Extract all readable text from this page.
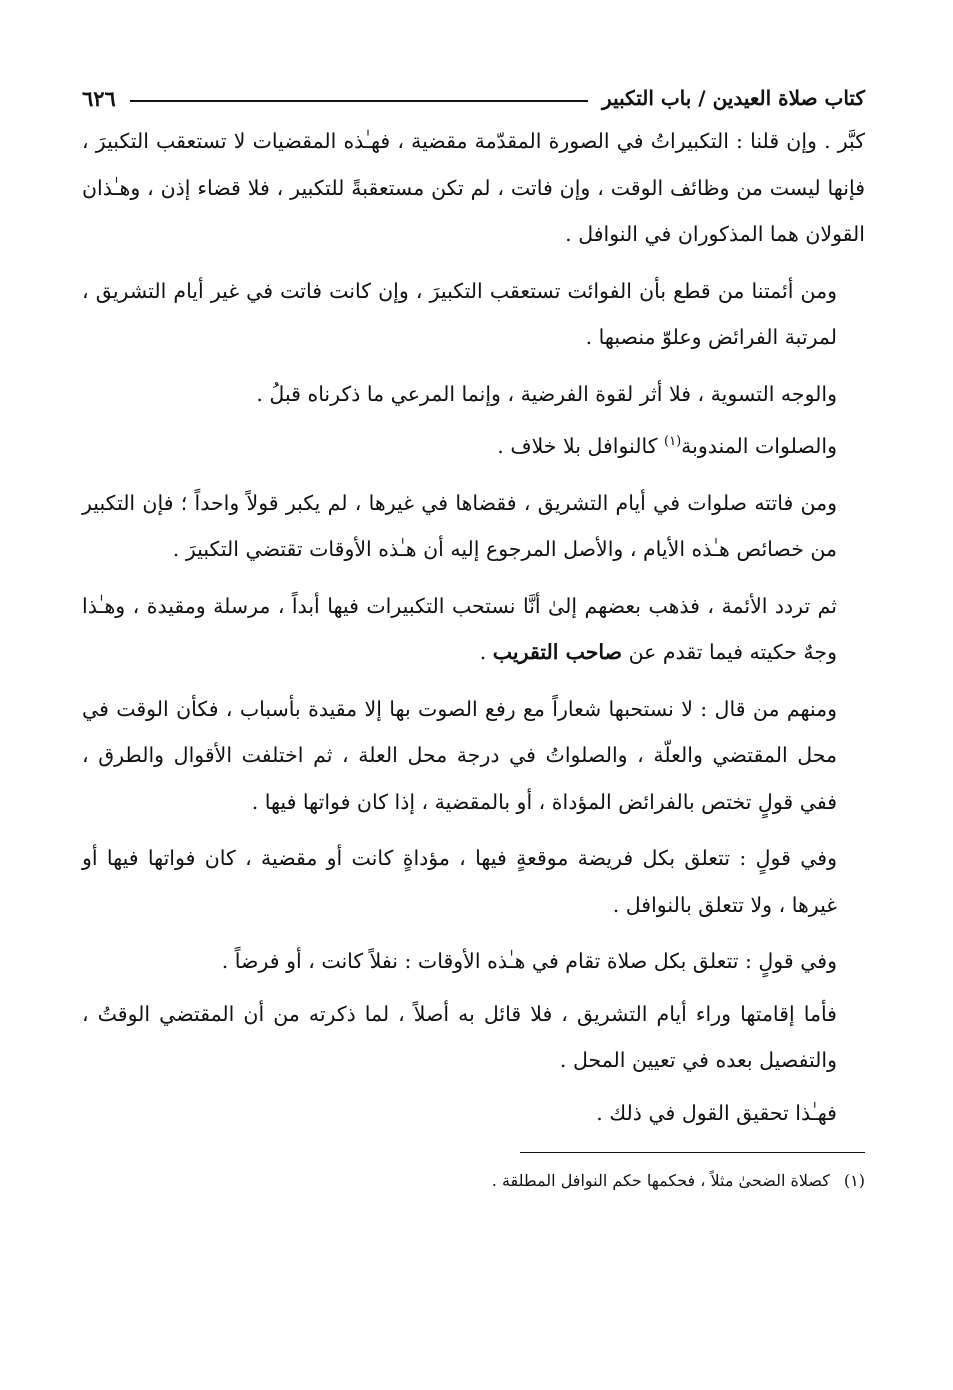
كتاب صلاة العيدين / باب التكبير
٦٢٦

كبَّر . وإن قلنا : التكبيراتُ في الصورة المقدّمة مقضية ، فهـٰذه المقضيات لا تستعقب التكبيرَ ، فإنها ليست من وظائف الوقت ، وإن فاتت ، لم تكن مستعقبةً للتكبير ، فلا قضاء إذن ، وهـٰذان القولان هما المذكوران في النوافل .

ومن أئمتنا من قطع بأن الفوائت تستعقب التكبيرَ ، وإن كانت فاتت في غير أيام التشريق ، لمرتبة الفرائض وعلوّ منصبها .

والوجه التسوية ، فلا أثر لقوة الفرضية ، وإنما المرعي ما ذكرناه قبلُ .

والصلوات المندوبة$^{(١)}$ كالنوافل بلا خلاف .

ومن فاتته صلوات في أيام التشريق ، فقضاها في غيرها ، لم يكبر قولاً واحداً ؛ فإن التكبير من خصائص هـٰذه الأيام ، والأصل المرجوع إليه أن هـٰذه الأوقات تقتضي التكبيرَ .

ثم تردد الأئمة ، فذهب بعضهم إلىٰ أنَّا نستحب التكبيرات فيها أبداً ، مرسلة ومقيدة ، وهـٰذا وجهٌ حكيته فيما تقدم عن صاحب التقريب .

ومنهم من قال : لا نستحبها شعاراً مع رفع الصوت بها إلا مقيدة بأسباب ، فكأن الوقت في محل المقتضي والعلّة ، والصلواتُ في درجة محل العلة ، ثم اختلفت الأقوال والطرق ، ففي قولٍ تختص بالفرائض المؤداة ، أو بالمقضية ، إذا كان فواتها فيها .

وفي قولٍ : تتعلق بكل فريضة موقعةٍ فيها ، مؤداةٍ كانت أو مقضية ، كان فواتها فيها أو غيرها ، ولا تتعلق بالنوافل .

وفي قولٍ : تتعلق بكل صلاة تقام في هـٰذه الأوقات : نفلاً كانت ، أو فرضاً .

فأما إقامتها وراء أيام التشريق ، فلا قائل به أصلاً ، لما ذكرته من أن المقتضي الوقتُ ، والتفصيل بعده في تعيين المحل .

فهـٰذا تحقيق القول في ذلك .

(١)كصلاة الضحىٰ مثلاً ، فحكمها حكم النوافل المطلقة .
